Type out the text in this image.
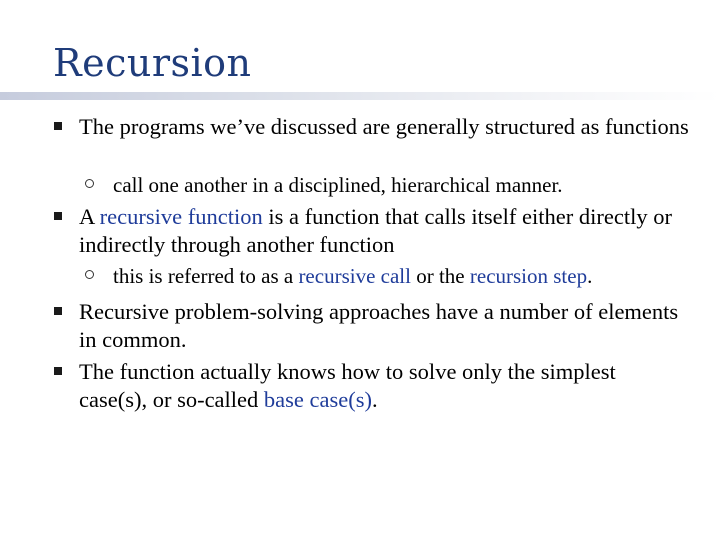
Recursion
The programs we’ve discussed are generally structured as functions
call one another in a disciplined, hierarchical manner.
A recursive function is a function that calls itself either directly or indirectly through another function
this is referred to as a recursive call or the recursion step.
Recursive problem-solving approaches have a number of elements in common.
The function actually knows how to solve only the simplest case(s), or so-called base case(s).
